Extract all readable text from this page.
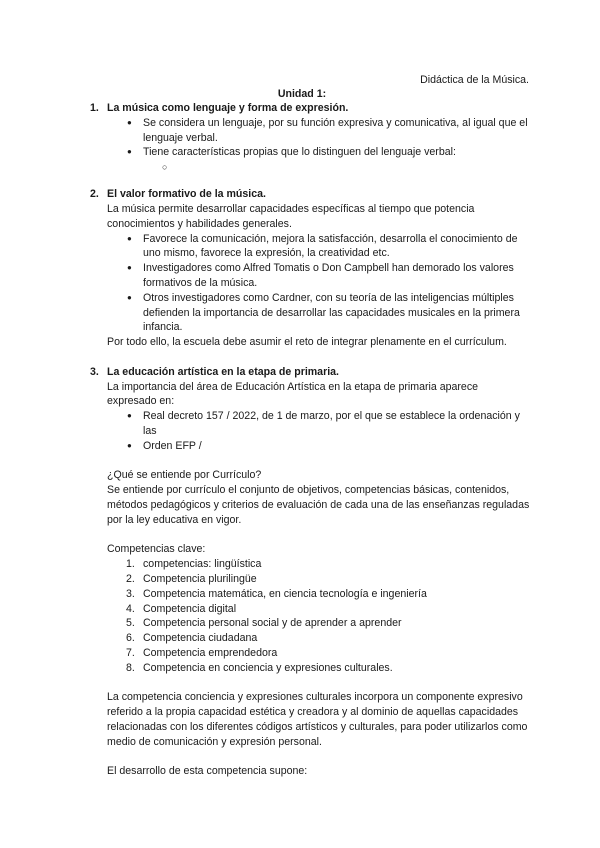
Didáctica de la Música.
Unidad 1:
1. La música como lenguaje y forma de expresión.
● Se considera un lenguaje, por su función expresiva y comunicativa, al igual que el lenguaje verbal.
● Tiene características propias que lo distinguen del lenguaje verbal:
○
2. El valor formativo de la música.

La música permite desarrollar capacidades específicas al tiempo que potencia conocimientos y habilidades generales.

● Favorece la comunicación, mejora la satisfacción, desarrolla el conocimiento de uno mismo, favorece la expresión, la creatividad etc.
● Investigadores como Alfred Tomatis o Don Campbell han demorado los valores formativos de la música.
● Otros investigadores como Cardner, con su teoría de las inteligencias múltiples defienden la importancia de desarrollar las capacidades musicales en la primera infancia.

Por todo ello, la escuela debe asumir el reto de integrar plenamente en el currículum.

3. La educación artística en la etapa de primaria.

La importancia del área de Educación Artística en la etapa de primaria aparece expresado en:

● Real decreto 157 / 2022, de 1 de marzo, por el que se establece la ordenación y las
● Orden EFP /

¿Qué se entiende por Currículo?

Se entiende por currículo el conjunto de objetivos, competencias básicas, contenidos, métodos pedagógicos y criterios de evaluación de cada una de las enseñanzas reguladas por la ley educativa en vigor.

Competencias clave:

1. competencias: lingüística
2. Competencia plurilingüe
3. Competencia matemática, en ciencia tecnología e ingeniería
4. Competencia digital
5. Competencia personal social y de aprender a aprender
6. Competencia ciudadana
7. Competencia emprendedora
8. Competencia en conciencia y expresiones culturales.

La competencia conciencia y expresiones culturales incorpora un componente expresivo referido a la propia capacidad estética y creadora y al dominio de aquellas capacidades relacionadas con los diferentes códigos artísticos y culturales, para poder utilizarlos como medio de comunicación y expresión personal.

El desarrollo de esta competencia supone:
